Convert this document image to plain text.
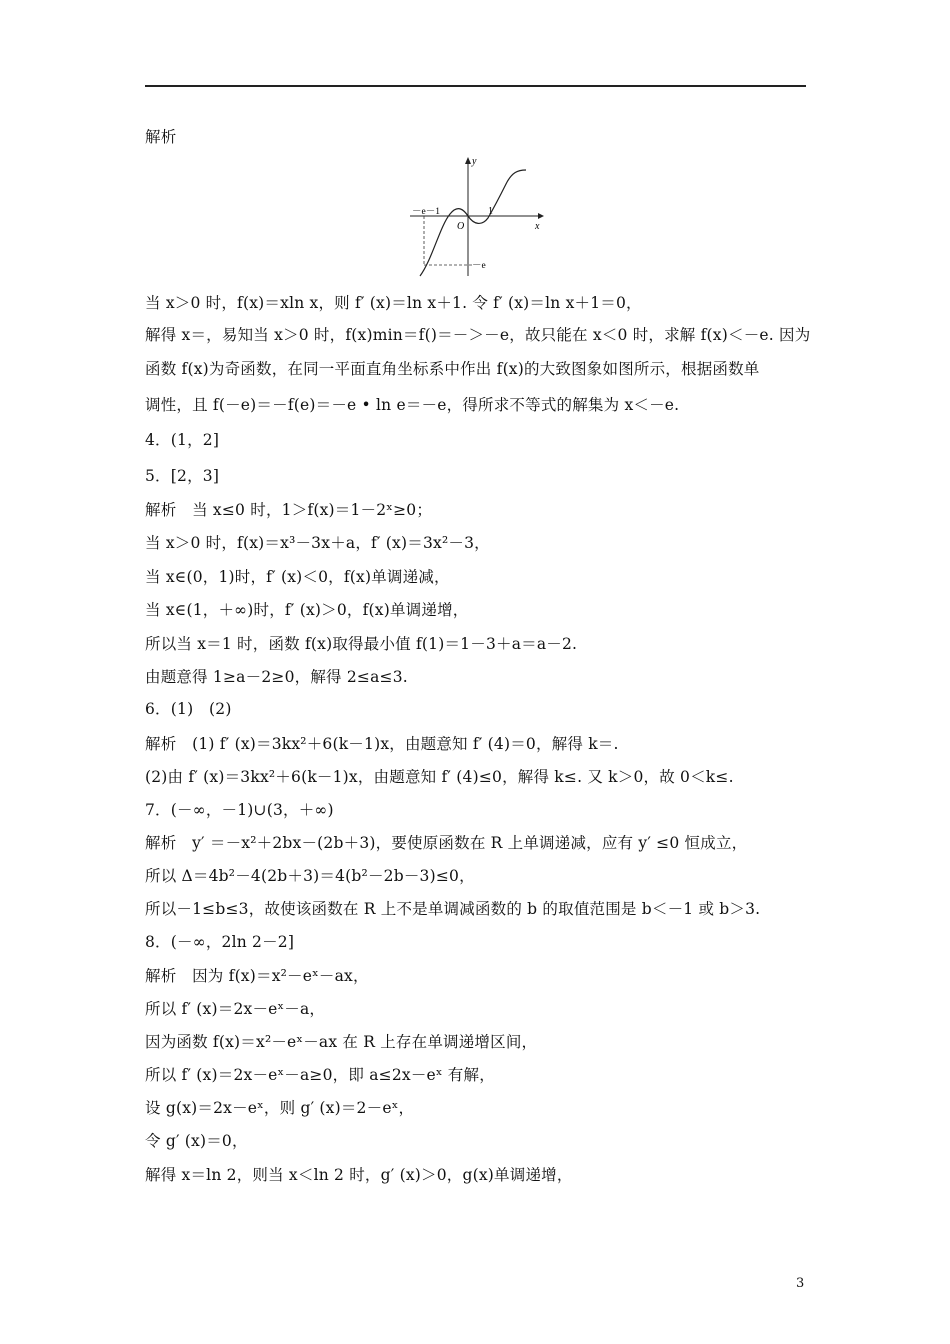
解析
y
x
O
－e－1	1
－e
当 x＞0 时，f(x)＝xln x，则 f′ (x)＝ln x＋1. 令 f′ (x)＝ln x＋1＝0，
解得 x＝，易知当 x＞0 时，f(x)min＝f()＝－＞－e，故只能在 x＜0 时，求解 f(x)＜－e. 因为
函数 f(x)为奇函数，在同一平面直角坐标系中作出 f(x)的大致图象如图所示，根据函数单
调性，且 f(－e)＝－f(e)＝－e • ln e＝－e，得所求不等式的解集为 x＜－e.
4．(1，2]
5．[2，3]
解析　当 x≤0 时，1＞f(x)＝1－2ˣ≥0；
当 x＞0 时，f(x)＝x³－3x＋a，f′ (x)＝3x²－3，
当 x∈(0，1)时，f′ (x)＜0，f(x)单调递减，
当 x∈(1，＋∞)时，f′ (x)＞0，f(x)单调递增，
所以当 x＝1 时，函数 f(x)取得最小值 f(1)＝1－3＋a＝a－2.
由题意得 1≥a－2≥0，解得 2≤a≤3.
6．(1)　(2)
解析　(1) f′ (x)＝3kx²＋6(k－1)x，由题意知 f′ (4)＝0，解得 k＝.
(2)由 f′ (x)＝3kx²＋6(k－1)x，由题意知 f′ (4)≤0，解得 k≤. 又 k＞0，故 0＜k≤.
7．(－∞，－1)∪(3，＋∞)
解析　y′ ＝－x²＋2bx－(2b＋3)，要使原函数在 R 上单调递减，应有 y′ ≤0 恒成立，
所以 Δ＝4b²－4(2b＋3)＝4(b²－2b－3)≤0，
所以－1≤b≤3，故使该函数在 R 上不是单调减函数的 b 的取值范围是 b＜－1 或 b＞3.
8．(－∞，2ln 2－2]
解析　因为 f(x)＝x²－eˣ－ax，
所以 f′ (x)＝2x－eˣ－a，
因为函数 f(x)＝x²－eˣ－ax 在 R 上存在单调递增区间，
所以 f′ (x)＝2x－eˣ－a≥0，即 a≤2x－eˣ 有解，
设 g(x)＝2x－eˣ，则 g′ (x)＝2－eˣ，
令 g′ (x)＝0，
解得 x＝ln 2，则当 x＜ln 2 时，g′ (x)＞0，g(x)单调递增，
3
